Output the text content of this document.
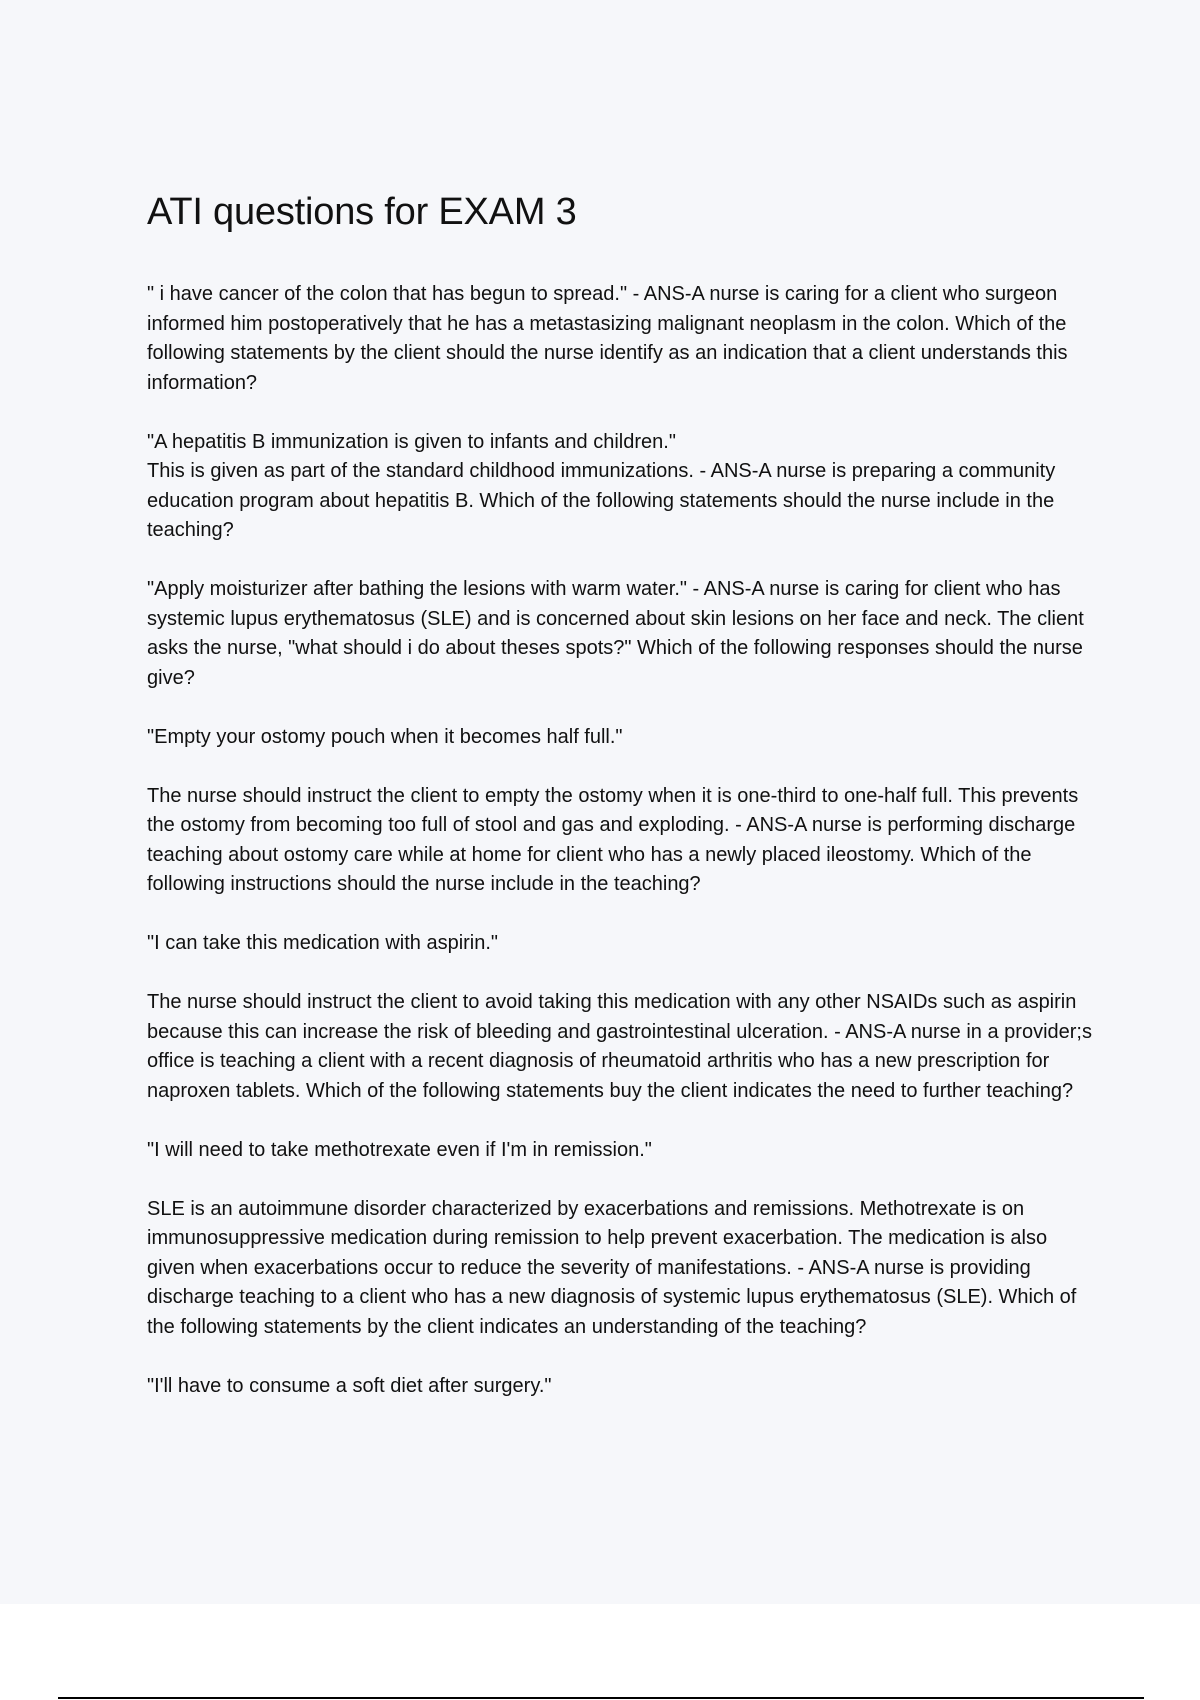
ATI questions for EXAM 3

" i have cancer of the colon that has begun to spread." - ANS-A nurse is caring for a client who surgeon informed him postoperatively that he has a metastasizing malignant neoplasm in the colon. Which of the following statements by the client should the nurse identify as an indication that a client understands this information?

"A hepatitis B immunization is given to infants and children."
This is given as part of the standard childhood immunizations. - ANS-A nurse is preparing a community education program about hepatitis B. Which of the following statements should the nurse include in the teaching?

"Apply moisturizer after bathing the lesions with warm water." - ANS-A nurse is caring for client who has systemic lupus erythematosus (SLE) and is concerned about skin lesions on her face and neck. The client asks the nurse, "what should i do about theses spots?" Which of the following responses should the nurse give?

"Empty your ostomy pouch when it becomes half full."

The nurse should instruct the client to empty the ostomy when it is one-third to one-half full. This prevents the ostomy from becoming too full of stool and gas and exploding. - ANS-A nurse is performing discharge teaching about ostomy care while at home for client who has a newly placed ileostomy. Which of the following instructions should the nurse include in the teaching?

"I can take this medication with aspirin."

The nurse should instruct the client to avoid taking this medication with any other NSAIDs such as aspirin because this can increase the risk of bleeding and gastrointestinal ulceration. - ANS-A nurse in a provider;s office is teaching a client with a recent diagnosis of rheumatoid arthritis who has a new prescription for naproxen tablets. Which of the following statements buy the client indicates the need to further teaching?

"I will need to take methotrexate even if I'm in remission."

SLE is an autoimmune disorder characterized by exacerbations and remissions. Methotrexate is on immunosuppressive medication during remission to help prevent exacerbation. The medication is also given when exacerbations occur to reduce the severity of manifestations. - ANS-A nurse is providing discharge teaching to a client who has a new diagnosis of systemic lupus erythematosus (SLE). Which of the following statements by the client indicates an understanding of the teaching?

"I'll have to consume a soft diet after surgery."
